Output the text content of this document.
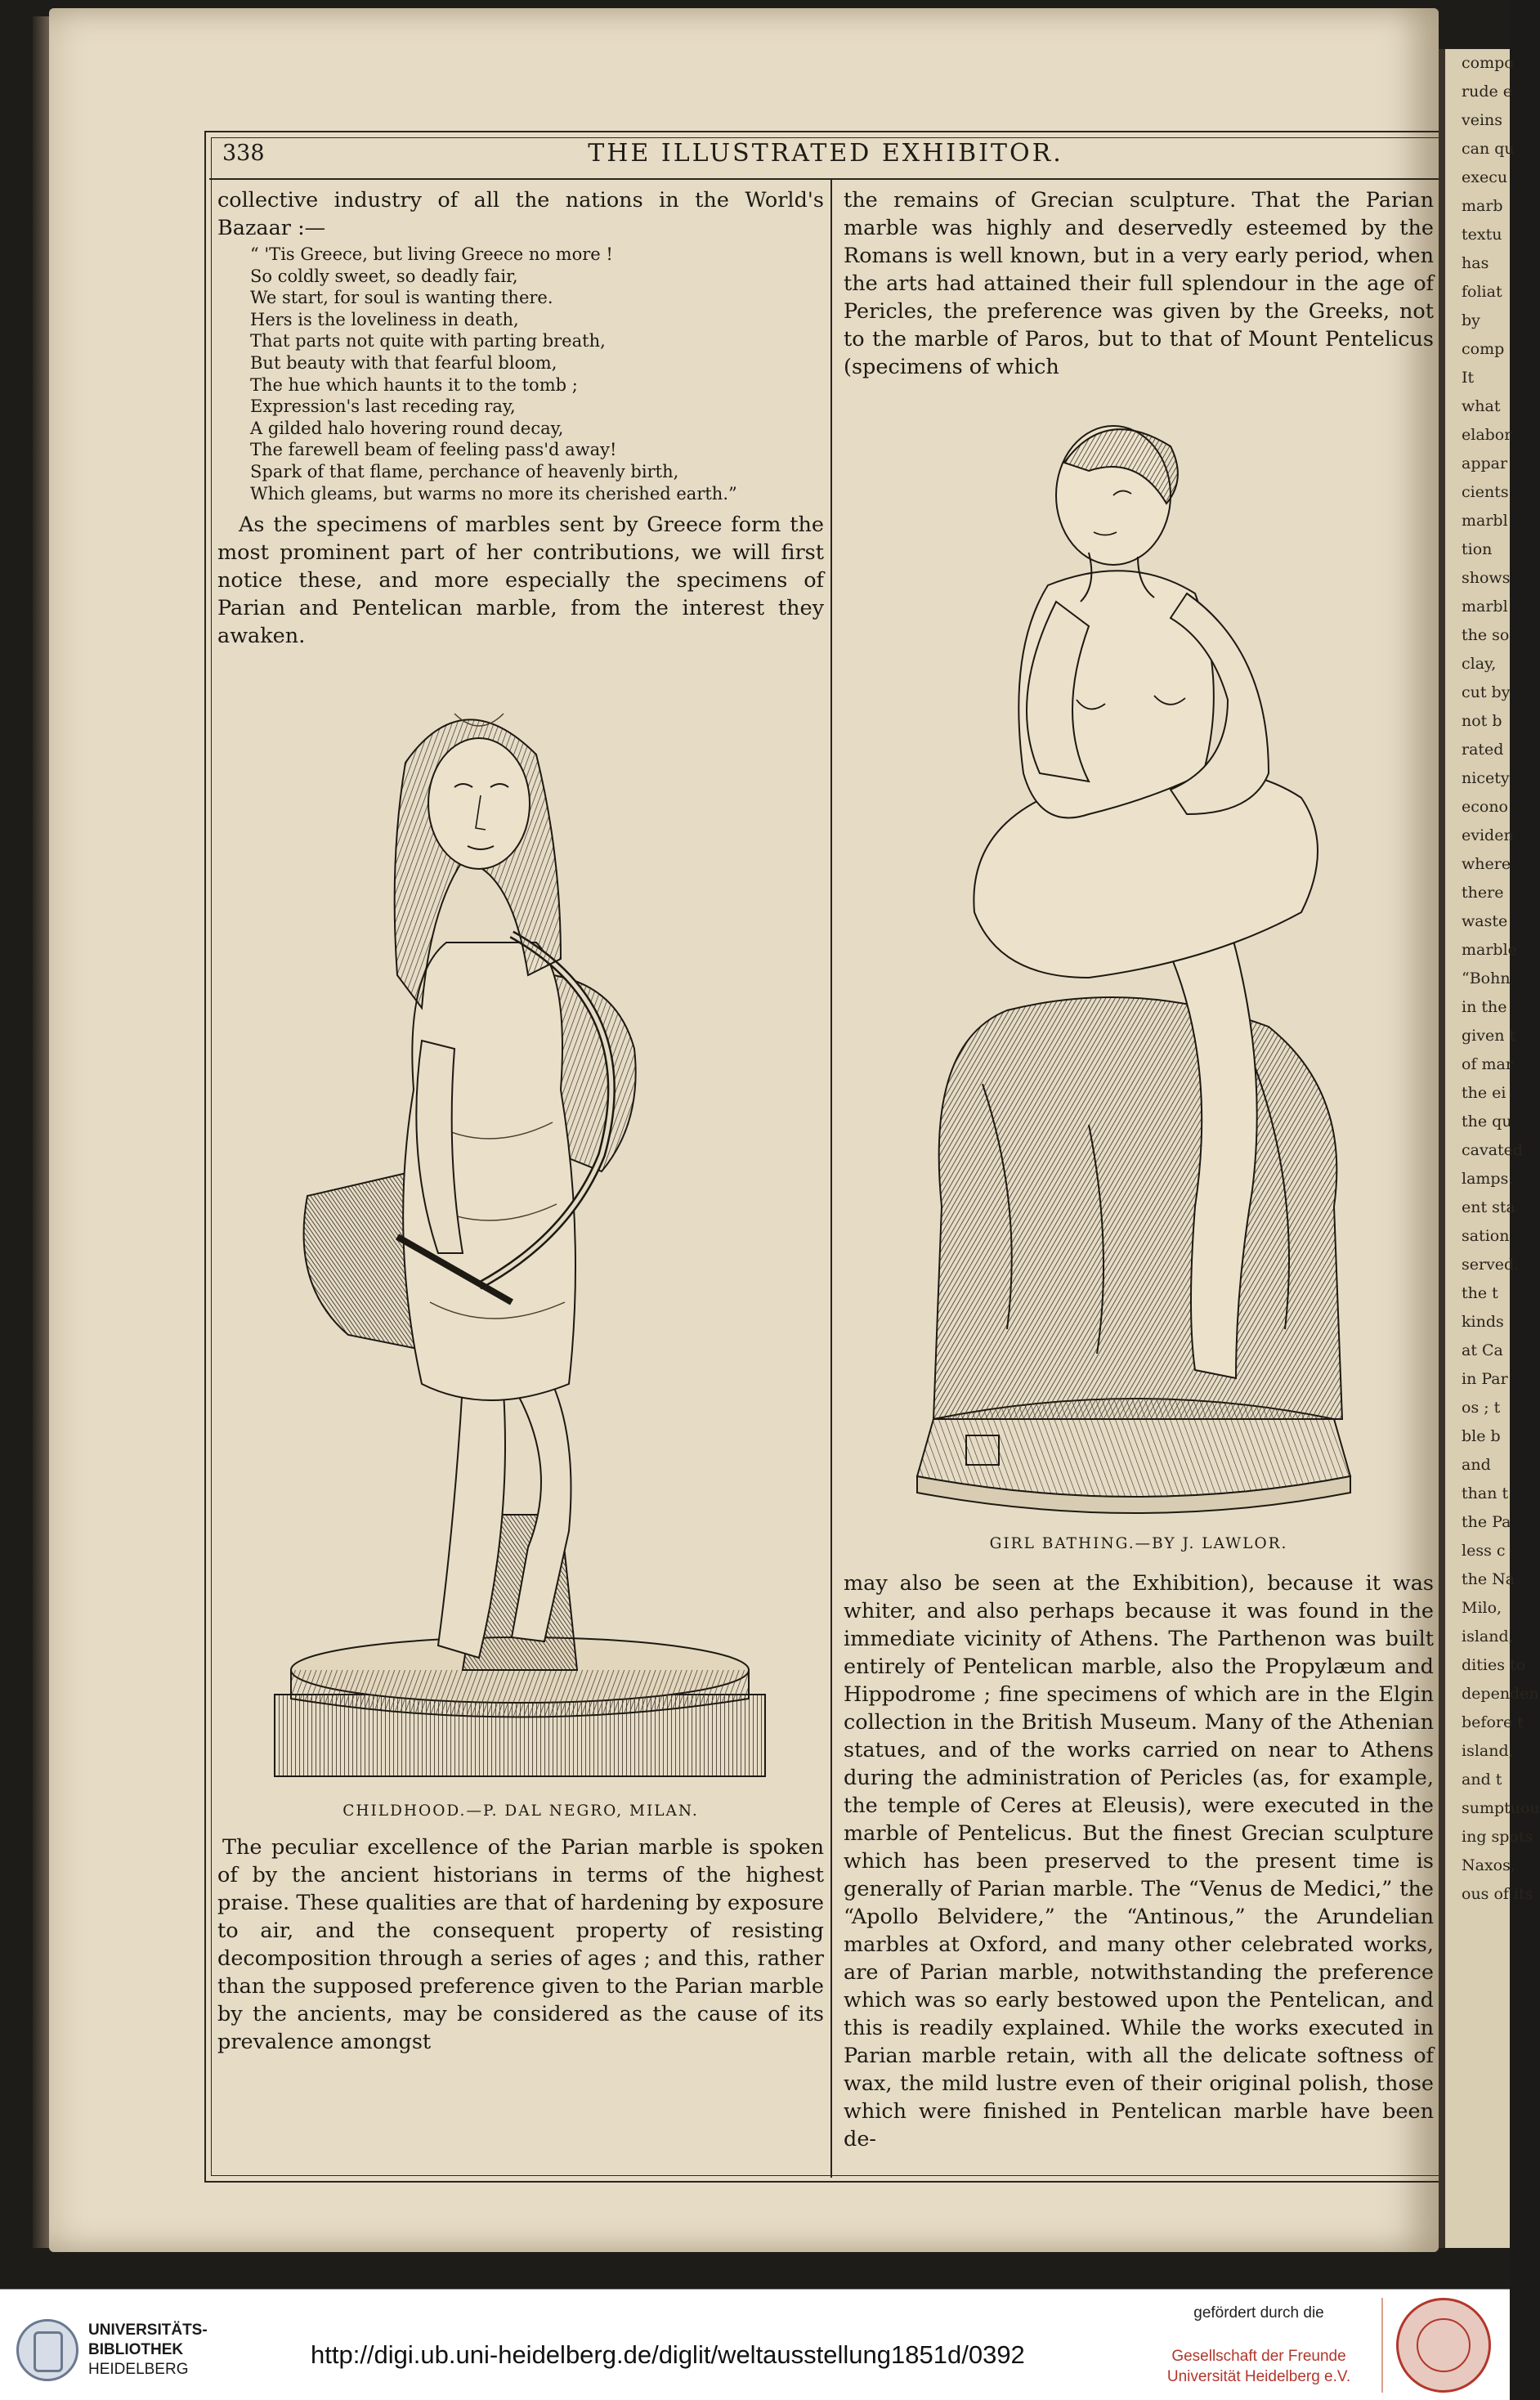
338	THE ILLUSTRATED EXHIBITOR.

collective industry of all the nations in the World's Bazaar :—

“ 'Tis Greece, but living Greece no more !
So coldly sweet, so deadly fair,
We start, for soul is wanting there.
Hers is the loveliness in death,
That parts not quite with parting breath,
But beauty with that fearful bloom,
The hue which haunts it to the tomb ;
Expression's last receding ray,
A gilded halo hovering round decay,
The farewell beam of feeling pass'd away!
Spark of that flame, perchance of heavenly birth,
Which gleams, but warms no more its cherished earth.”

As the specimens of marbles sent by Greece form the most prominent part of her contributions, we will first notice these, and more especially the specimens of Parian and Pentelican marble, from the interest they awaken.

CHILDHOOD.—P. DAL NEGRO, MILAN.

The peculiar excellence of the Parian marble is spoken of by the ancient historians in terms of the highest praise. These qualities are that of hardening by exposure to air, and the consequent property of resisting decomposition through a series of ages ; and this, rather than the supposed preference given to the Parian marble by the ancients, may be considered as the cause of its prevalence amongst

the remains of Grecian sculpture. That the Parian marble was highly and deservedly esteemed by the Romans is well known, but in a very early period, when the arts had attained their full splendour in the age of Pericles, the preference was given by the Greeks, not to the marble of Paros, but to that of Mount Pentelicus (specimens of which

GIRL BATHING.—BY J. LAWLOR.

may also be seen at the Exhibition), because it was whiter, and also perhaps because it was found in the immediate vicinity of Athens. The Parthenon was built entirely of Pentelican marble, also the Propylæum and Hippodrome ; fine specimens of which are in the Elgin collection in the British Museum. Many of the Athenian statues, and of the works carried on near to Athens during the administration of Pericles (as, for example, the temple of Ceres at Eleusis), were executed in the marble of Pentelicus. But the finest Grecian sculpture which has been preserved to the present time is generally of Parian marble. The “Venus de Medici,” the “Apollo Belvidere,” the “Antinous,” the Arundelian marbles at Oxford, and many other celebrated works, are of Parian marble, notwithstanding the preference which was so early bestowed upon the Pentelican, and this is readily explained. While the works executed in Parian marble retain, with all the delicate softness of wax, the mild lustre even of their original polish, those which were finished in Pentelican marble have been de-

compo
rude e
veins
can qu
execu
marb
textu
has
foliat
by
comp
It
what
elabor
appar
cients
marbl
tion
shows
marbl
the so
clay,
cut by
not b
rated
nicety
econo
eviden
where
there
waste
marble
“Bohn
in the
given t
of mar
the ei
the qu
cavated
lamps.
ent sta
sation
served.
the t
kinds
at Ca
in Par
os ; t
ble b
and
than t
the Pa
less c
the Na
Milo,
island,
dities to
dependen
before t
island,
and t
sumptuou
ing spots
Naxos,
ous of its
UNIVERSITÄTS-
BIBLIOTHEK
HEIDELBERG
http://digi.ub.uni-heidelberg.de/diglit/weltausstellung1851d/0392
gefördert durch die
Gesellschaft der Freunde
Universität Heidelberg e.V.
